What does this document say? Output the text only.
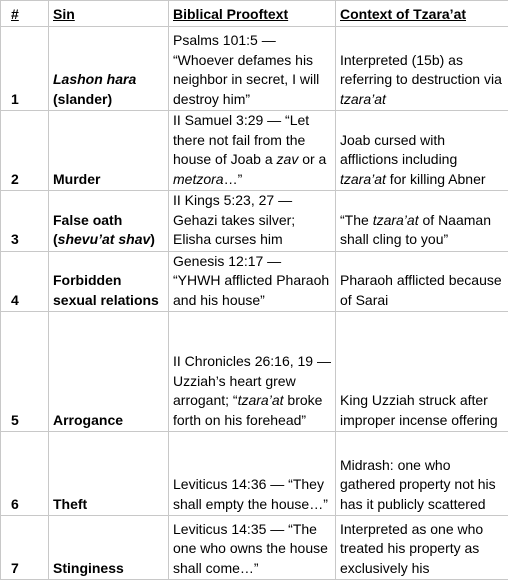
#	Sin	Biblical Prooftext	Context of Tzara’at
1	Lashon hara (slander)	Psalms 101:5 — “Whoever defames his neighbor in secret, I will destroy him”	Interpreted (15b) as referring to destruction via tzara’at
2	Murder	II Samuel 3:29 — “Let there not fail from the house of Joab a zav or a metzora…”	Joab cursed with afflictions including tzara’at for killing Abner
3	False oath (shevu’at shav)	II Kings 5:23, 27 — Gehazi takes silver; Elisha curses him	“The tzara’at of Naaman shall cling to you”
4	Forbidden sexual relations	Genesis 12:17 — “YHWH afflicted Pharaoh and his house”	Pharaoh afflicted because of Sarai
5	Arrogance	II Chronicles 26:16, 19 — Uzziah’s heart grew arrogant; “tzara’at broke forth on his forehead”	King Uzziah struck after improper incense offering
6	Theft	Leviticus 14:36 — “They shall empty the house…”	Midrash: one who gathered property not his has it publicly scattered
7	Stinginess	Leviticus 14:35 — “The one who owns the house shall come…”	Interpreted as one who treated his property as exclusively his
